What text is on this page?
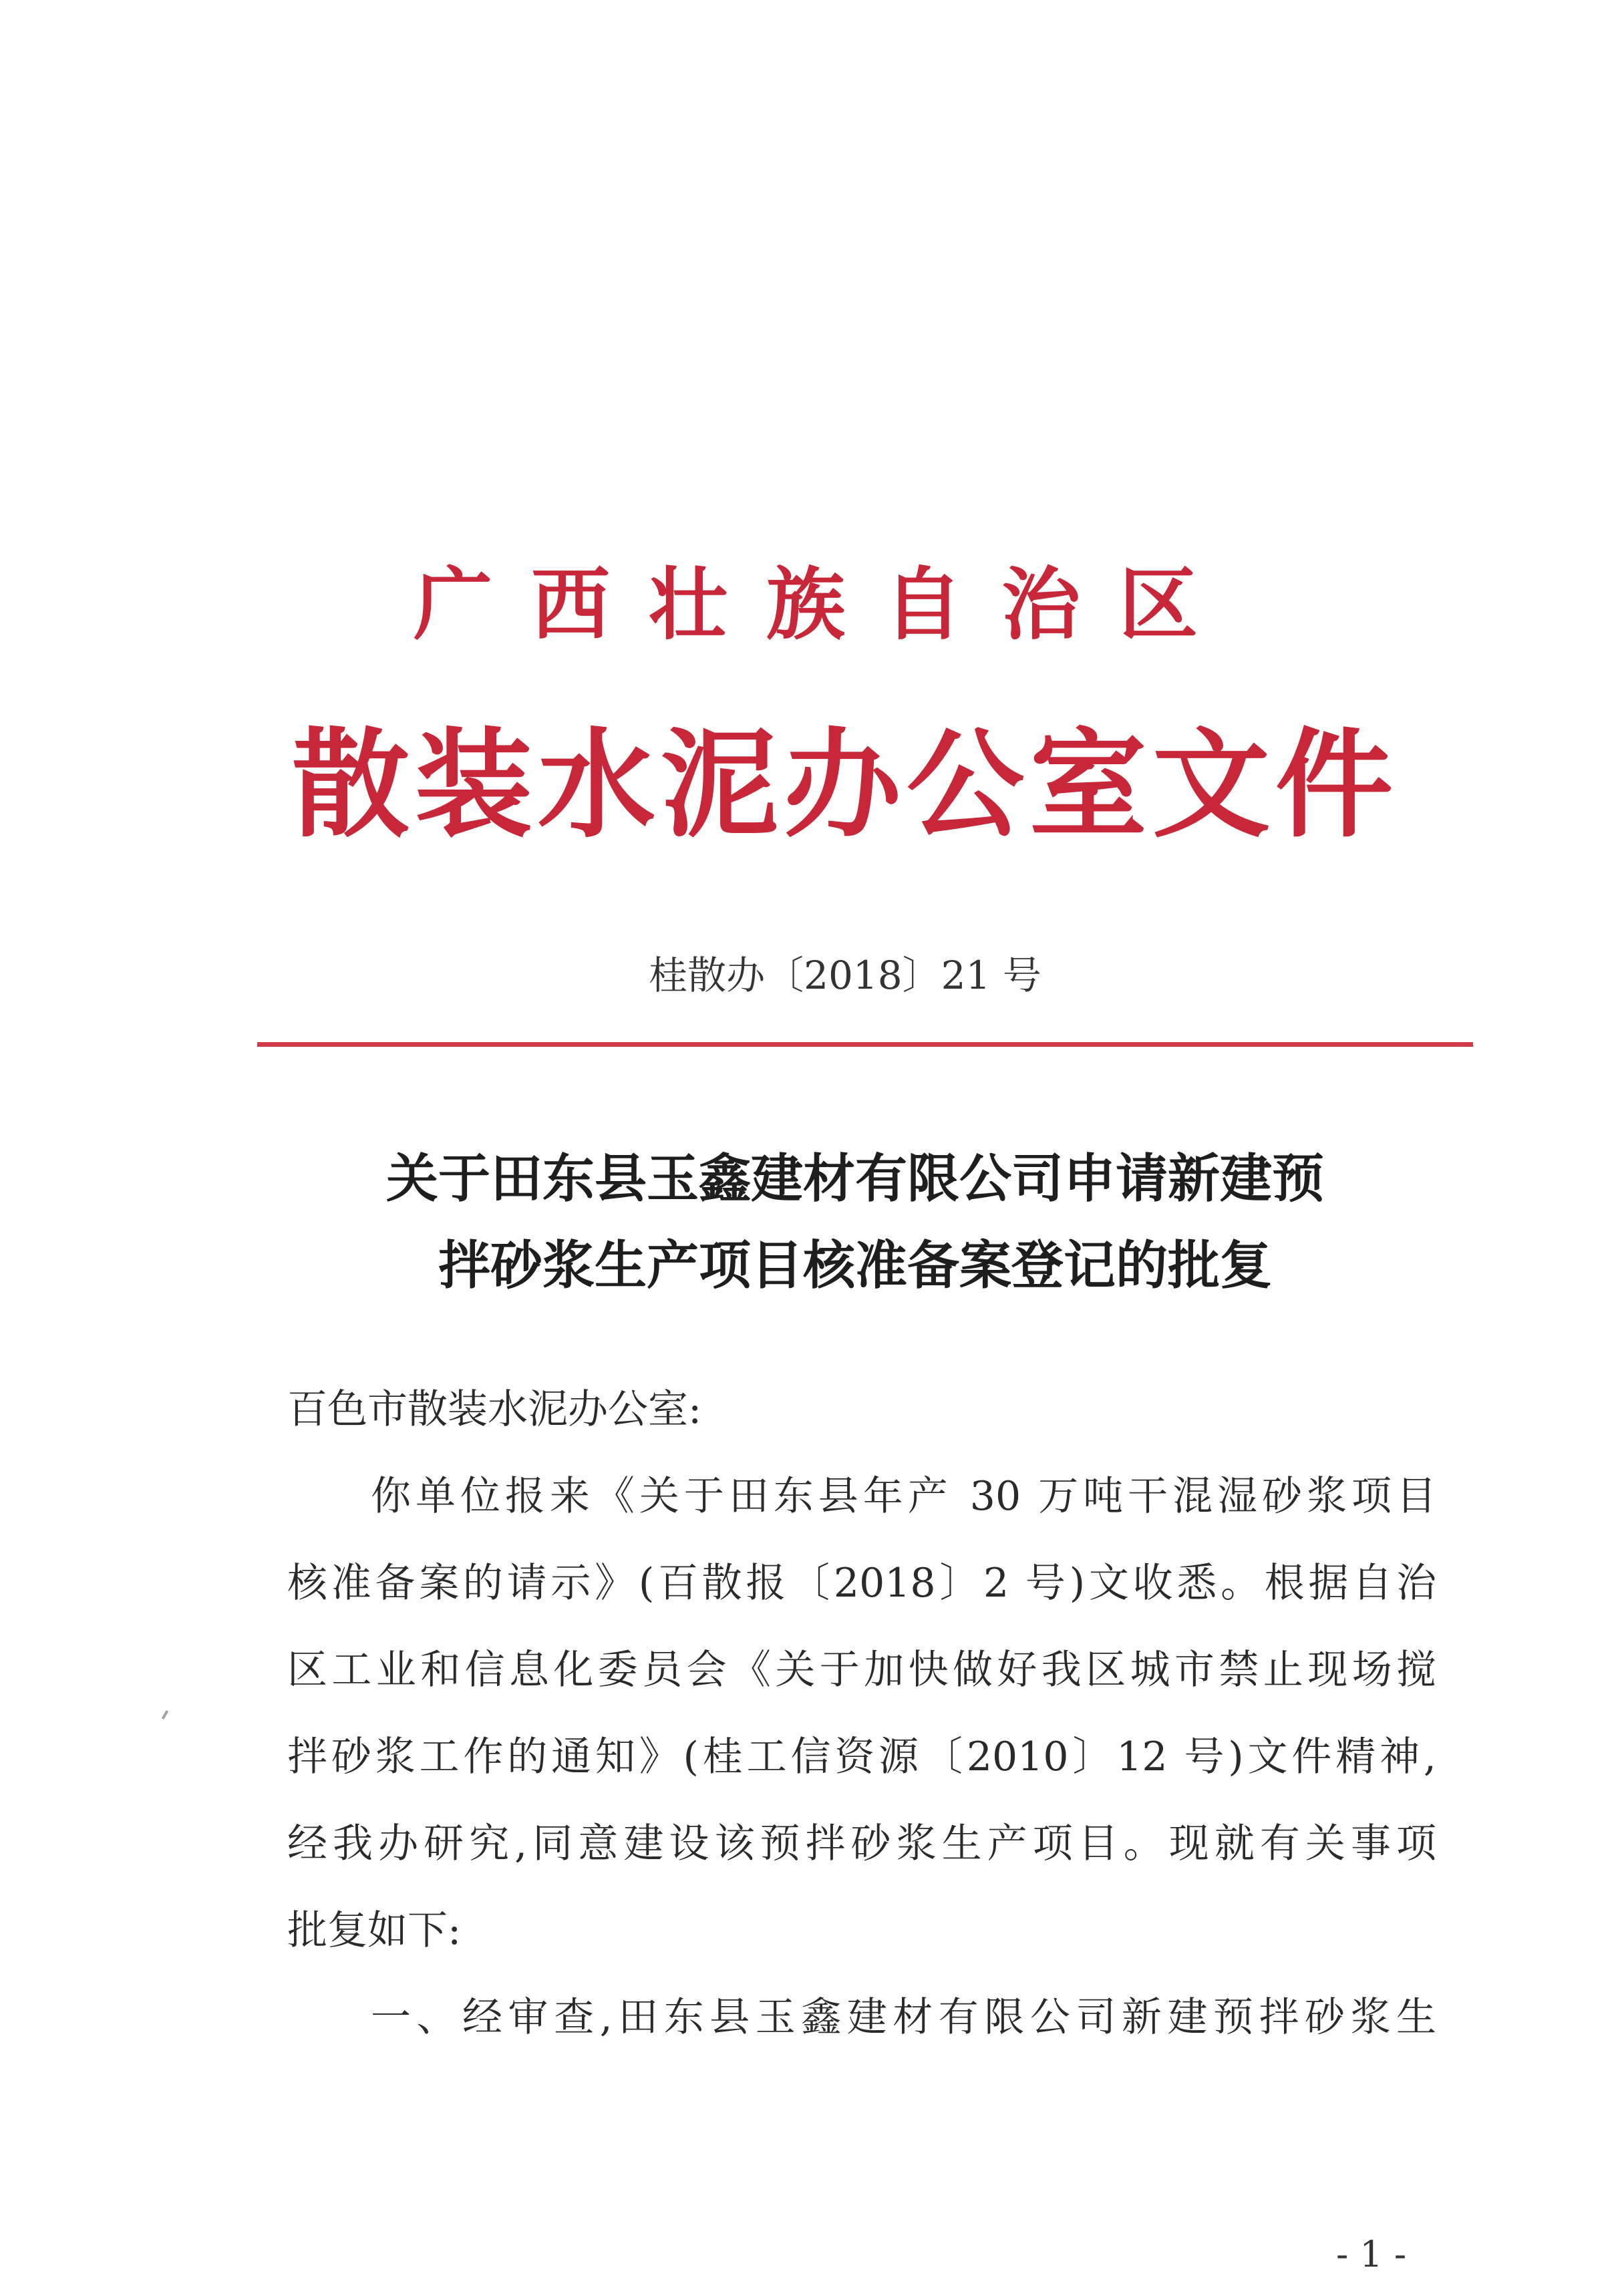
广西壮族自治区
散装水泥办公室文件
桂散办〔2018〕21 号
关于田东县玉鑫建材有限公司申请新建预
拌砂浆生产项目核准备案登记的批复
百色市散装水泥办公室:
你单位报来《关于田东县年产 30 万吨干混湿砂浆项目
核准备案的请示》(百散报〔2018〕2 号)文收悉。根据自治
区工业和信息化委员会《关于加快做好我区城市禁止现场搅
拌砂浆工作的通知》(桂工信资源〔2010〕12 号)文件精神,
经我办研究,同意建设该预拌砂浆生产项目。现就有关事项
批复如下:
一、经审查,田东县玉鑫建材有限公司新建预拌砂浆生
- 1 -
